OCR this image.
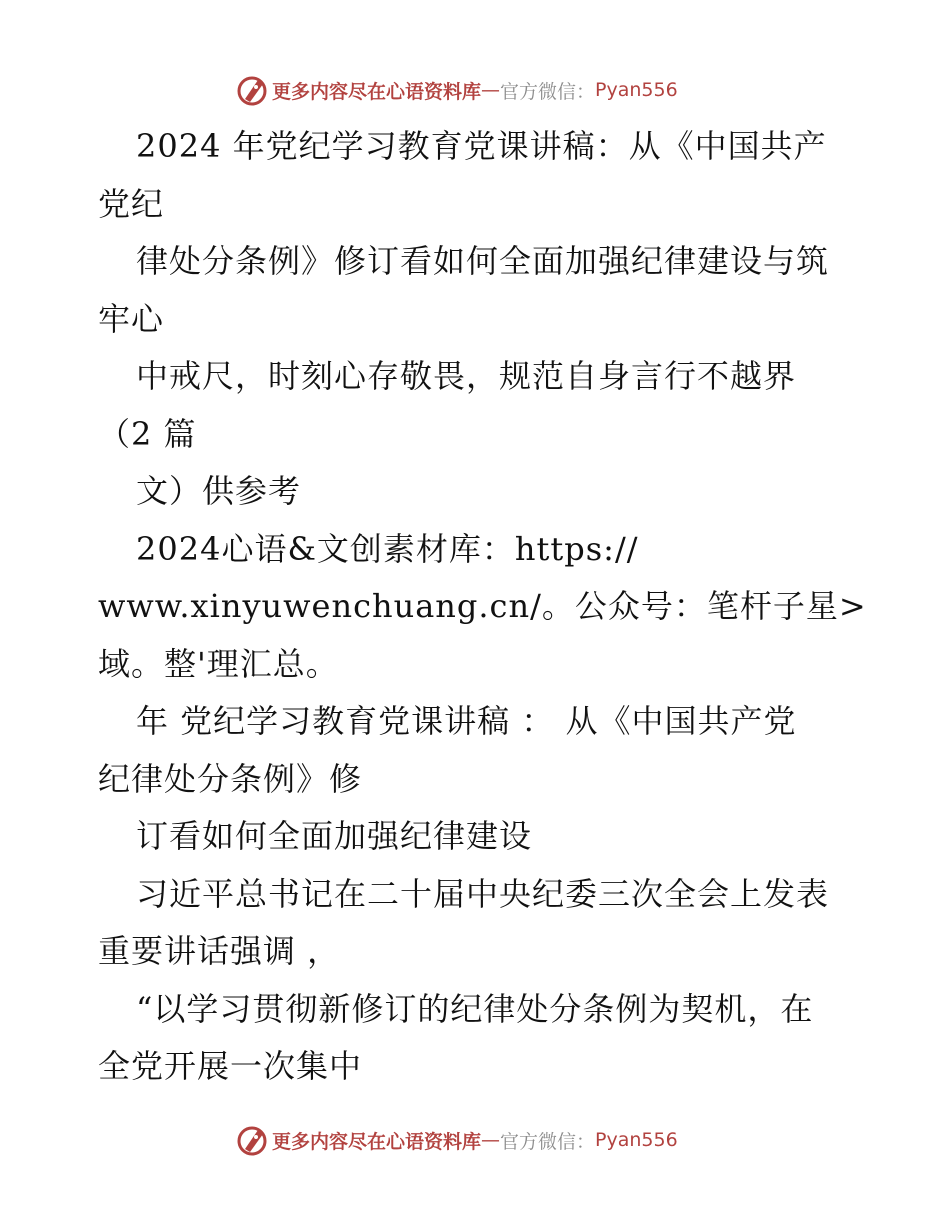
更多内容尽在心语资料库 — 官方微信： Pyan556
2024 年党纪学习教育党课讲稿：从《中国共产
党纪
律处分条例》修订看如何全面加强纪律建设与筑
牢心
中戒尺，时刻心存敬畏，规范自身言行不越界
（2 篇
文）供参考
2024心语&文创素材库：https://
www.xinyuwenchuang.cn/。公众号：笔杆子星>
域。整'理汇总。
年 党纪学习教育党课讲稿 ： 从《中国共产党
纪律处分条例》修
订看如何全面加强纪律建设
习近平总书记在二十届中央纪委三次全会上发表
重要讲话强调 ，
“以学习贯彻新修订的纪律处分条例为契机，在
全党开展一次集中
更多内容尽在心语资料库 — 官方微信： Pyan556
